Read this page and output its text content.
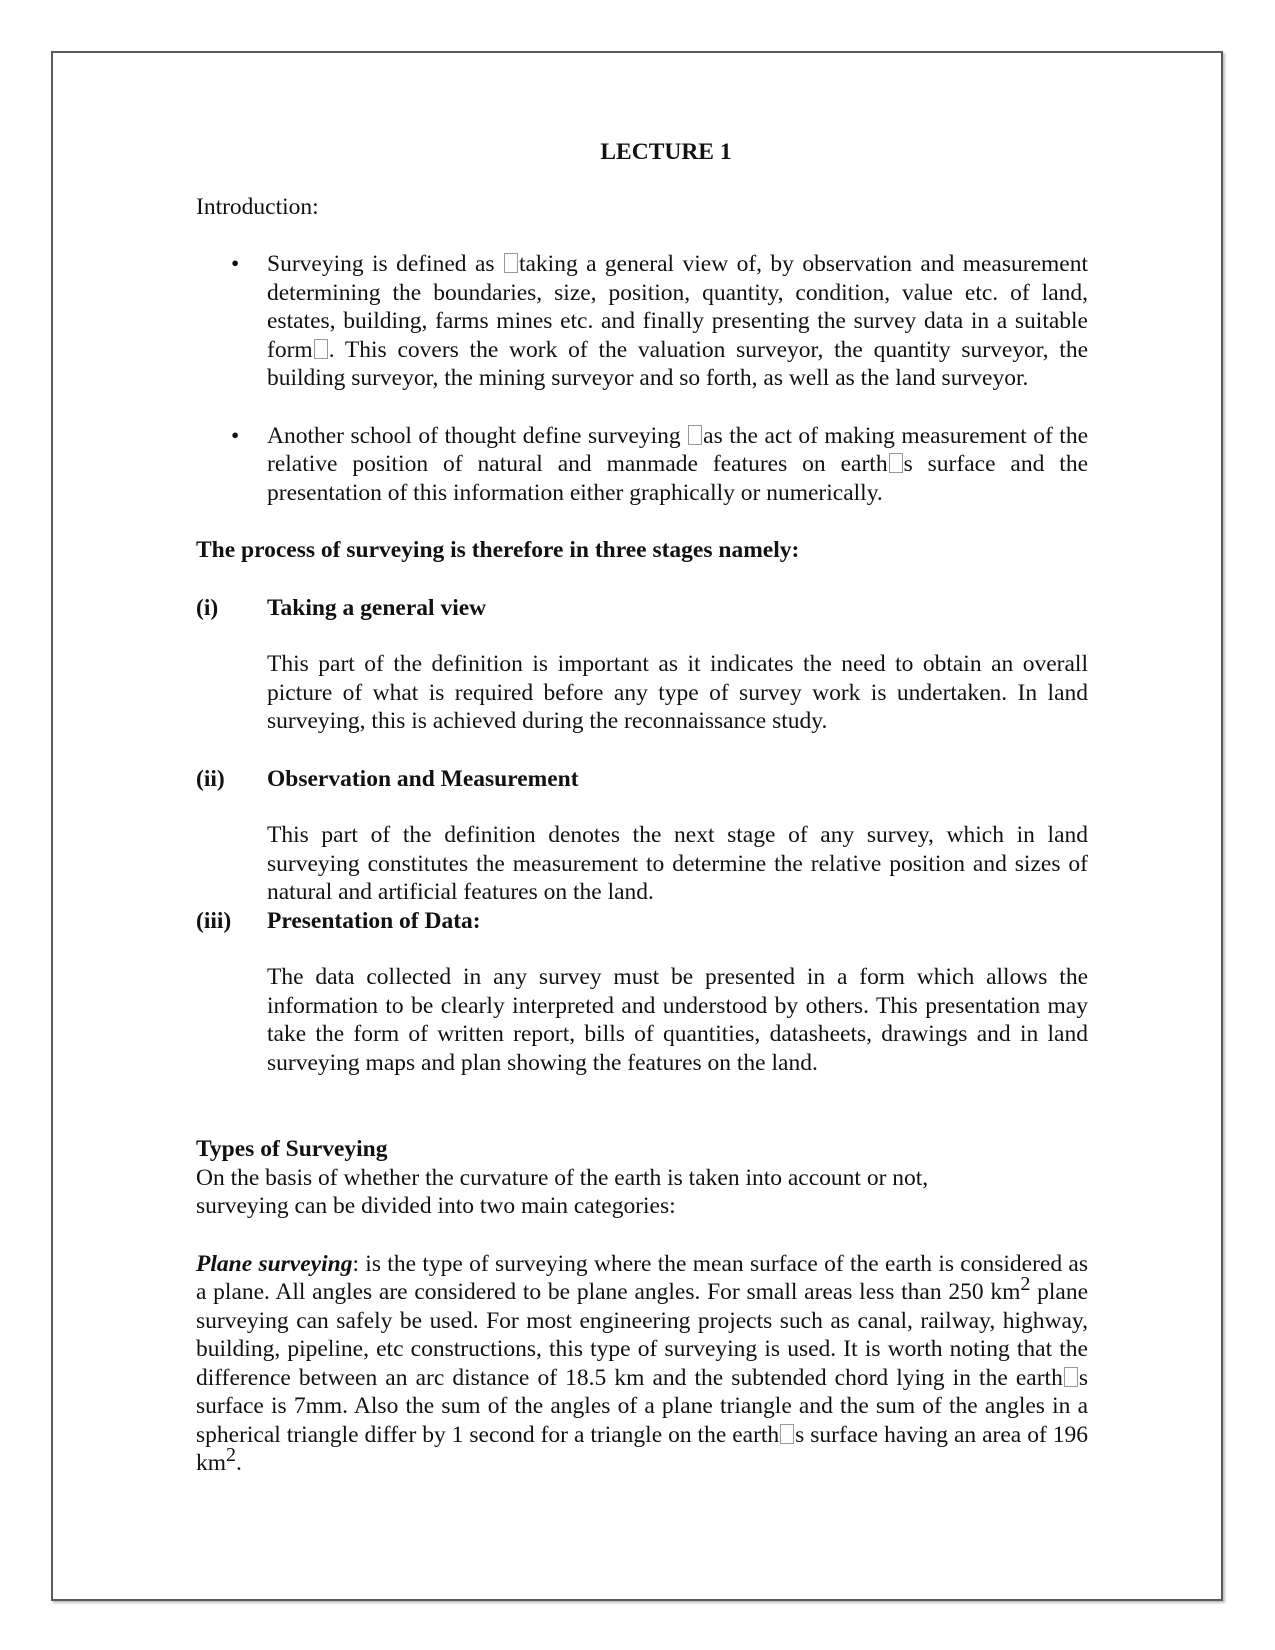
LECTURE 1

Introduction:

• Surveying is defined as taking a general view of, by observation and measurement determining the boundaries, size, position, quantity, condition, value etc. of land, estates, building, farms mines etc. and finally presenting the survey data in a suitable form . This covers the work of the valuation surveyor, the quantity surveyor, the building surveyor, the mining surveyor and so forth, as well as the land surveyor.
• Another school of thought define surveying as the act of making measurement of the relative position of natural and manmade features on earth s surface and the presentation of this information either graphically or numerically.

The process of surveying is therefore in three stages namely:

(i) Taking a general view

This part of the definition is important as it indicates the need to obtain an overall picture of what is required before any type of survey work is undertaken. In land surveying, this is achieved during the reconnaissance study.

(ii) Observation and Measurement

This part of the definition denotes the next stage of any survey, which in land surveying constitutes the measurement to determine the relative position and sizes of natural and artificial features on the land.

(iii) Presentation of Data:

The data collected in any survey must be presented in a form which allows the information to be clearly interpreted and understood by others. This presentation may take the form of written report, bills of quantities, datasheets, drawings and in land surveying maps and plan showing the features on the land.

Types of Surveying

On the basis of whether the curvature of the earth is taken into account or not,

surveying can be divided into two main categories:

Plane surveying: is the type of surveying where the mean surface of the earth is considered as a plane. All angles are considered to be plane angles. For small areas less than 250 $km^2$ plane surveying can safely be used. For most engineering projects such as canal, railway, highway, building, pipeline, etc constructions, this type of surveying is used. It is worth noting that the difference between an arc distance of 18.5 km and the subtended chord lying in the earth s surface is 7mm. Also the sum of the angles of a plane triangle and the sum of the angles in a spherical triangle differ by 1 second for a triangle on the earth s surface having an area of 196 $km^2$.
